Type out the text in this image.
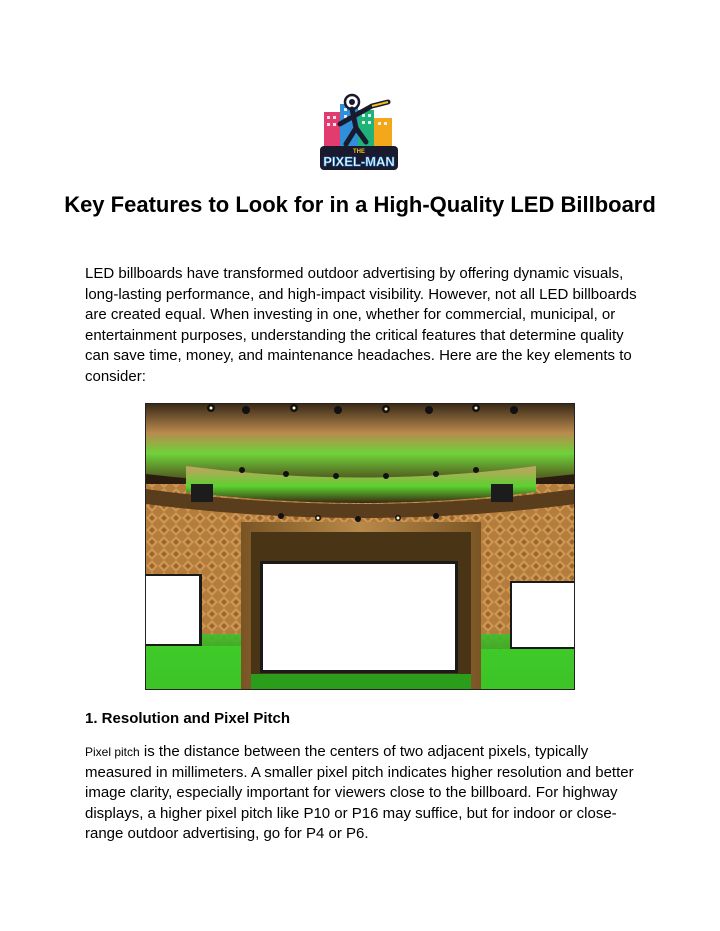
THE
PIXEL-MAN
Key Features to Look for in a High-Quality LED Billboard
LED billboards have transformed outdoor advertising by offering dynamic visuals, long-lasting performance, and high-impact visibility. However, not all LED billboards are created equal. When investing in one, whether for commercial, municipal, or entertainment purposes, understanding the critical features that determine quality can save time, money, and maintenance headaches. Here are the key elements to consider:
1. Resolution and Pixel Pitch
Pixel pitch is the distance between the centers of two adjacent pixels, typically measured in millimeters. A smaller pixel pitch indicates higher resolution and better image clarity, especially important for viewers close to the billboard. For highway displays, a higher pixel pitch like P10 or P16 may suffice, but for indoor or close-range outdoor advertising, go for P4 or P6.
